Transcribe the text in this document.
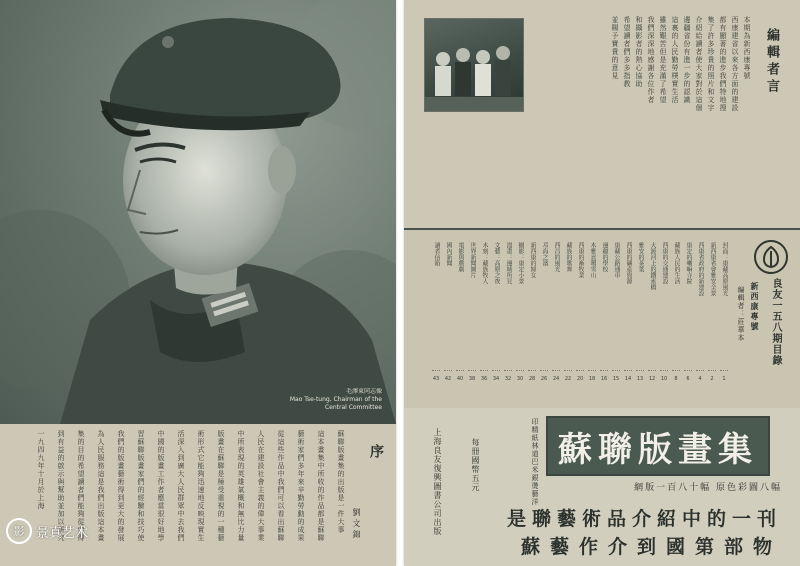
毛澤東同志像
Mao Tse-tung, Chairman of the
Central Committee
序
劉文錦
蘇聯版畫集的出版是一件大事
這本畫集中所收的作品都是蘇聯
藝術家們多年來辛勤勞動的成果
從這些作品中我們可以看出蘇聯
人民在建設社會主義的偉大事業
中所表現的英雄氣概和無比力量
版畫在蘇聯是極受重視的一種藝
術形式它能夠迅速地反映現實生
活深入到廣大人民群眾中去我們
中國的版畫工作者應當很好地學
習蘇聯版畫家們的經驗和技巧使
我們的版畫藝術得到更大的發展
為人民服務這是我們出版這本畫
集的目的希望讀者們能夠從中得
到有益的啟示與幫助並加以研究
一九四九年十月於上海
編輯者言
本期為新西康專號
西康建省以來各方面的建設
都有顯著的進步我們特地搜
集了許多珍貴的照片和文字
介紹給讀者使大家對於這個
邊疆省份有進一步的認識
這裏的人民勤勞樸實生活
雖然艱苦但是充滿了希望
我們深深地感謝各位作者
和攝影者的熱心協助
希望讀者們多多指教
並賜予寶貴的意見
良友一五八期目錄
新西康專號
編輯者：莊華本
封面：康藏高原風光
1
新西康省會雅安全景
2
西康省政府的新建設
4
康定的喇嘛寺院
6
藏族人民的生活
8
西康的交通建設
10
大渡河上的鐵索橋
12
雅安的茶葉
13
西康的礦產資源
14
康藏公路通車
15
邊疆的學校
16
木雅貢噶雪山
18
西康的畜牧業
20
藏族的歌舞
22
西昌的風光
24
邛海之濱
26
新西康的婦女
28
攝影：康定小景
30
漫畫：邊城所見
32
文藝：高原之夜
34
木刻：藏族牧人
36
世界新聞圖片
38
電影與戲劇
40
國內新聞
42
讀者信箱
43
蘇聯版畫集
印精紙林道巴米銀燙藝洋	網版一百八十幅 原色彩圖八幅
是聯藝術品介紹中的一刊
蘇藝作介到國第部物
上海良友復興圖書公司出版	每冊國幣五元
影 景真艺术
